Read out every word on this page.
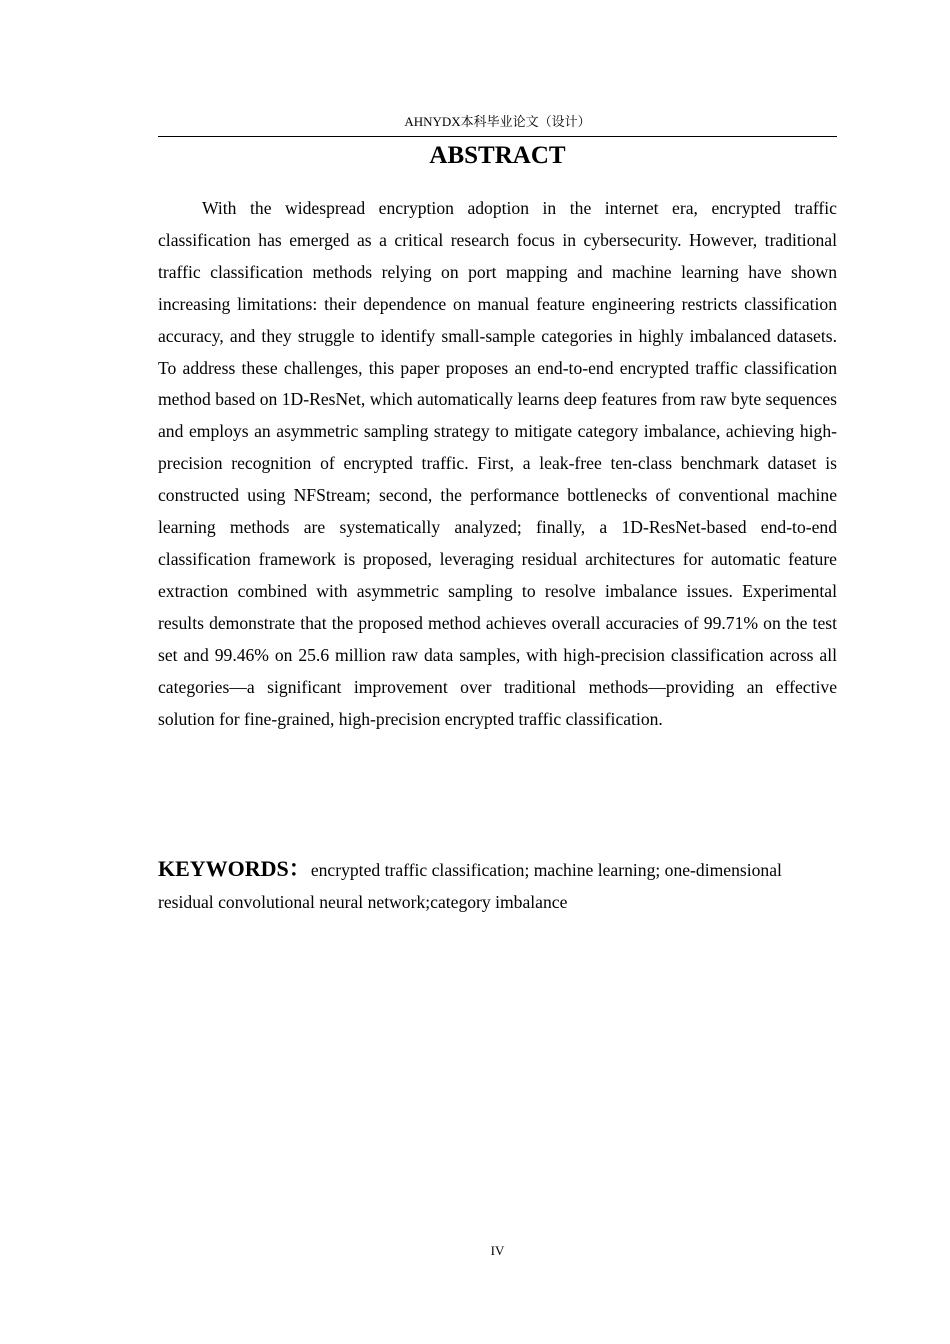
AHNYDX本科毕业论文（设计）
ABSTRACT

With the widespread encryption adoption in the internet era, encrypted traffic classification has emerged as a critical research focus in cybersecurity. However, traditional traffic classification methods relying on port mapping and machine learning have shown increasing limitations: their dependence on manual feature engineering restricts classification accuracy, and they struggle to identify small-sample categories in highly imbalanced datasets. To address these challenges, this paper proposes an end-to-end encrypted traffic classification method based on 1D-ResNet, which automatically learns deep features from raw byte sequences and employs an asymmetric sampling strategy to mitigate category imbalance, achieving high-precision recognition of encrypted traffic. First, a leak-free ten-class benchmark dataset is constructed using NFStream; second, the performance bottlenecks of conventional machine learning methods are systematically analyzed; finally, a 1D-ResNet-based end-to-end classification framework is proposed, leveraging residual architectures for automatic feature extraction combined with asymmetric sampling to resolve imbalance issues. Experimental results demonstrate that the proposed method achieves overall accuracies of 99.71% on the test set and 99.46% on 25.6 million raw data samples, with high-precision classification across all categories—a significant improvement over traditional methods—providing an effective solution for fine-grained, high-precision encrypted traffic classification.

KEYWORDS：encrypted traffic classification; machine learning; one-dimensional residual convolutional neural network;category imbalance

IV
